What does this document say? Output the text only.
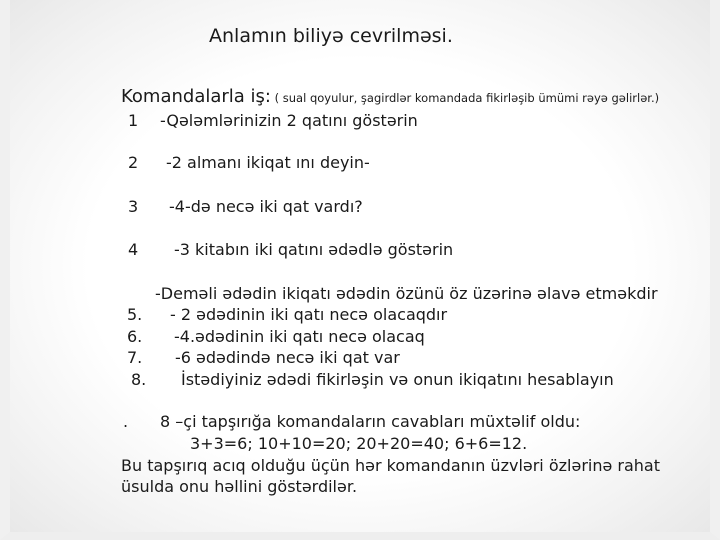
Anlamın biliyə cevrilməsi.
Komandalarla iş: ( sual qoyulur, şagirdlər komandada fikirləşib ümümi rəyə gəlirlər.)
1 -Qələmlərinizin 2 qatını göstərin
2 -2 almanı ikiqat ını deyin-
3 -4-də necə iki qat vardı?
4 -3 kitabın iki qatını ədədlə göstərin
-Deməli ədədin ikiqatı ədədin özünü öz üzərinə əlavə etməkdir
5. - 2 ədədinin iki qatı necə olacaqdır
6. -4.ədədinin iki qatı necə olacaq
7. -6 ədədində necə iki qat var
8. İstədiyiniz ədədi fikirləşin və onun ikiqatını hesablayın
. 8 –çi tapşırığa komandaların cavabları müxtəlif oldu:
3+3=6; 10+10=20; 20+20=40; 6+6=12.
Bu tapşırıq acıq olduğu üçün hər komandanın üzvləri özlərinə rahat
üsulda onu həllini göstərdilər.
